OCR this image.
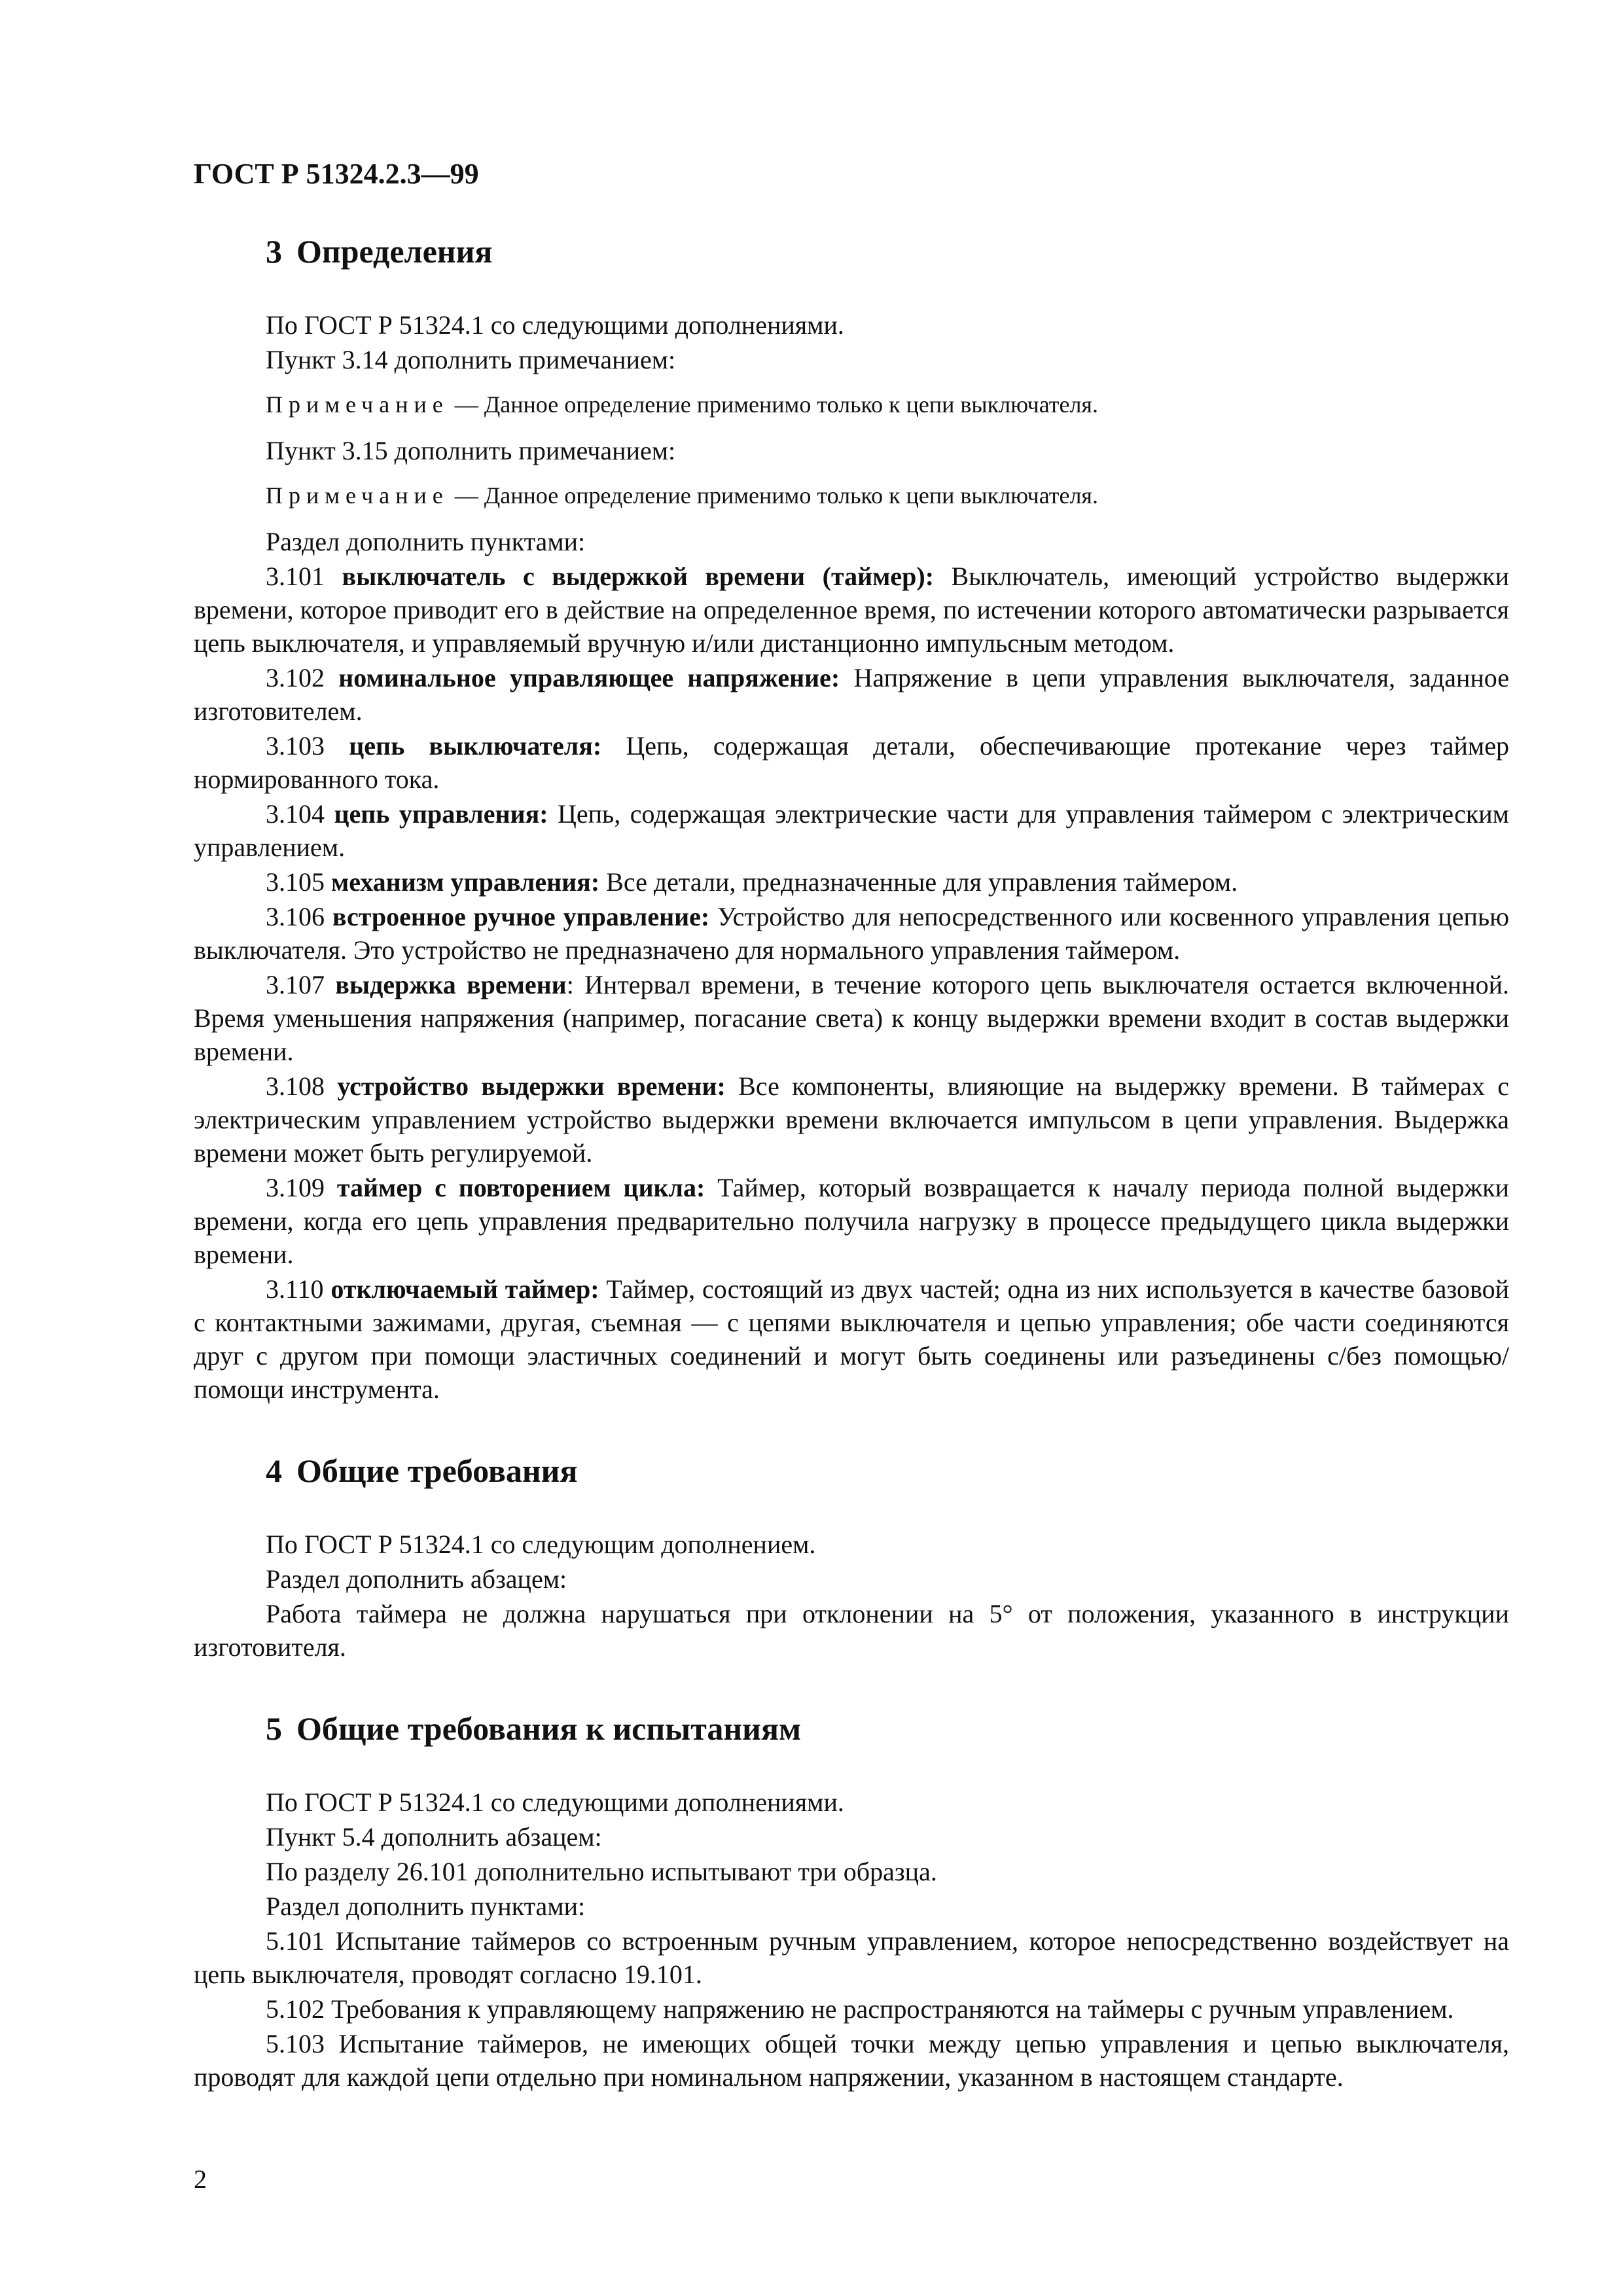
ГОСТ Р 51324.2.3—99
3 Определения

По ГОСТ Р 51324.1 со следующими дополнениями.

Пункт 3.14 дополнить примечанием:

Примечание — Данное определение применимо только к цепи выключателя.

Пункт 3.15 дополнить примечанием:

Примечание — Данное определение применимо только к цепи выключателя.

Раздел дополнить пунктами:

3.101 выключатель с выдержкой времени (таймер): Выключатель, имеющий устройство выдержки времени, которое приводит его в действие на определенное время, по истечении которого автоматически разрывается цепь выключателя, и управляемый вручную и/или дистанционно импульсным методом.

3.102 номинальное управляющее напряжение: Напряжение в цепи управления выключателя, заданное изготовителем.

3.103 цепь выключателя: Цепь, содержащая детали, обеспечивающие протекание через таймер нормированного тока.

3.104 цепь управления: Цепь, содержащая электрические части для управления таймером с электрическим управлением.

3.105 механизм управления: Все детали, предназначенные для управления таймером.

3.106 встроенное ручное управление: Устройство для непосредственного или косвенного управления цепью выключателя. Это устройство не предназначено для нормального управления таймером.

3.107 выдержка времени: Интервал времени, в течение которого цепь выключателя остается включенной. Время уменьшения напряжения (например, погасание света) к концу выдержки времени входит в состав выдержки времени.

3.108 устройство выдержки времени: Все компоненты, влияющие на выдержку времени. В таймерах с электрическим управлением устройство выдержки времени включается импульсом в цепи управления. Выдержка времени может быть регулируемой.

3.109 таймер с повторением цикла: Таймер, который возвращается к началу периода полной выдержки времени, когда его цепь управления предварительно получила нагрузку в процессе предыдущего цикла выдержки времени.

3.110 отключаемый таймер: Таймер, состоящий из двух частей; одна из них используется в качестве базовой с контактными зажимами, другая, съемная — с цепями выключателя и цепью управления; обе части соединяются друг с другом при помощи эластичных соединений и могут быть соединены или разъединены с/без помощью/помощи инструмента.

4 Общие требования

По ГОСТ Р 51324.1 со следующим дополнением.

Раздел дополнить абзацем:

Работа таймера не должна нарушаться при отклонении на 5° от положения, указанного в инструкции изготовителя.

5 Общие требования к испытаниям

По ГОСТ Р 51324.1 со следующими дополнениями.

Пункт 5.4 дополнить абзацем:

По разделу 26.101 дополнительно испытывают три образца.

Раздел дополнить пунктами:

5.101 Испытание таймеров со встроенным ручным управлением, которое непосредственно воздействует на цепь выключателя, проводят согласно 19.101.

5.102 Требования к управляющему напряжению не распространяются на таймеры с ручным управлением.

5.103 Испытание таймеров, не имеющих общей точки между цепью управления и цепью выключателя, проводят для каждой цепи отдельно при номинальном напряжении, указанном в настоящем стандарте.

2
